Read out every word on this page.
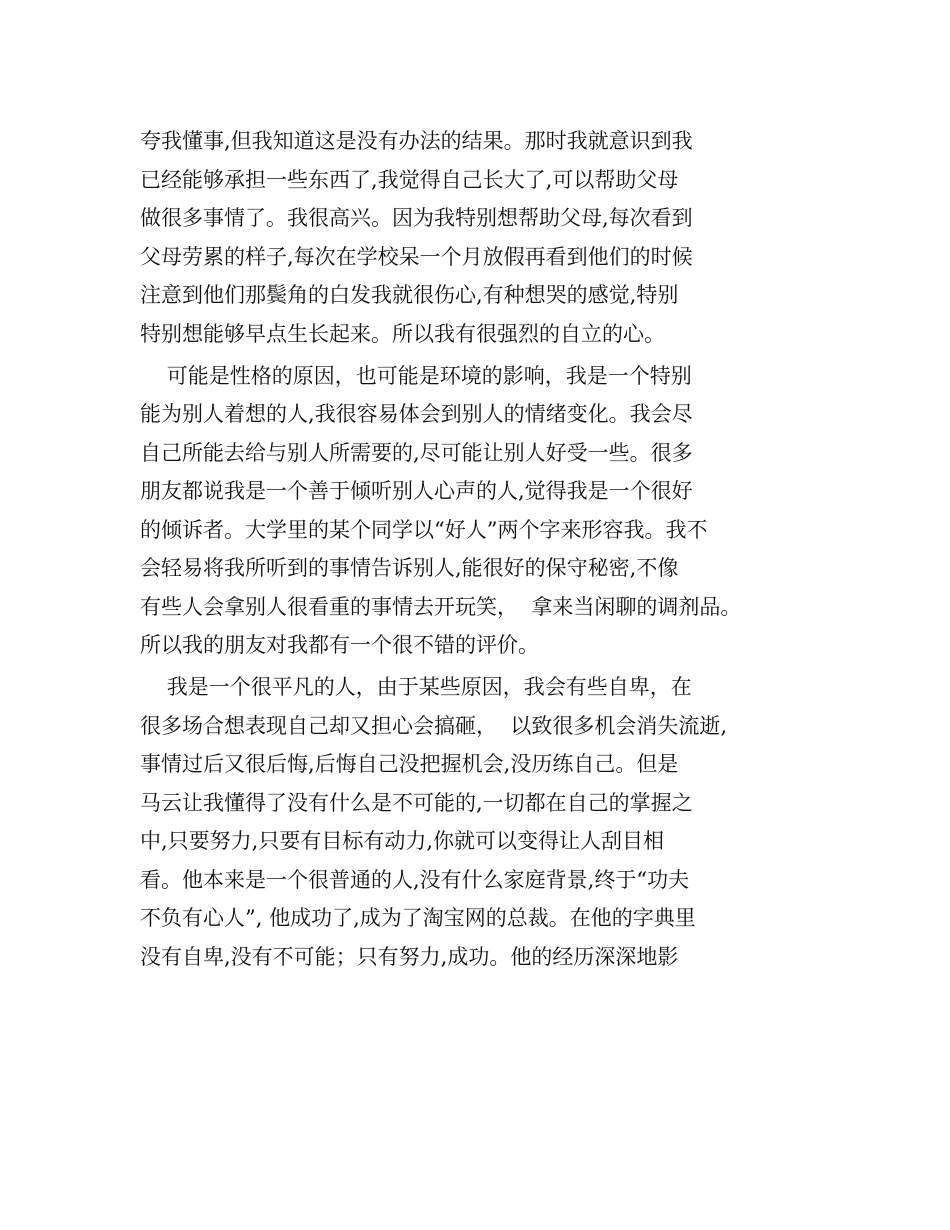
夸我懂事,但我知道这是没有办法的结果。那时我就意识到我
已经能够承担一些东西了,我觉得自己长大了,可以帮助父母
做很多事情了。我很高兴。因为我特别想帮助父母,每次看到
父母劳累的样子,每次在学校呆一个月放假再看到他们的时候
注意到他们那鬓角的白发我就很伤心,有种想哭的感觉,特别
特别想能够早点生长起来。所以我有很强烈的自立的心。

可能是性格的原因，也可能是环境的影响，我是一个特别
能为别人着想的人,我很容易体会到别人的情绪变化。我会尽
自己所能去给与别人所需要的,尽可能让别人好受一些。很多
朋友都说我是一个善于倾听别人心声的人,觉得我是一个很好
的倾诉者。大学里的某个同学以“好人”两个字来形容我。我不
会轻易将我所听到的事情告诉别人,能很好的保守秘密,不像
有些人会拿别人很看重的事情去开玩笑，  拿来当闲聊的调剂品。
所以我的朋友对我都有一个很不错的评价。

我是一个很平凡的人，由于某些原因，我会有些自卑，在
很多场合想表现自己却又担心会搞砸，  以致很多机会消失流逝,
事情过后又很后悔,后悔自己没把握机会,没历练自己。但是
马云让我懂得了没有什么是不可能的,一切都在自己的掌握之
中,只要努力,只要有目标有动力,你就可以变得让人刮目相
看。他本来是一个很普通的人,没有什么家庭背景,终于“功夫
不负有心人”, 他成功了,成为了淘宝网的总裁。在他的字典里
没有自卑,没有不可能；只有努力,成功。他的经历深深地影
